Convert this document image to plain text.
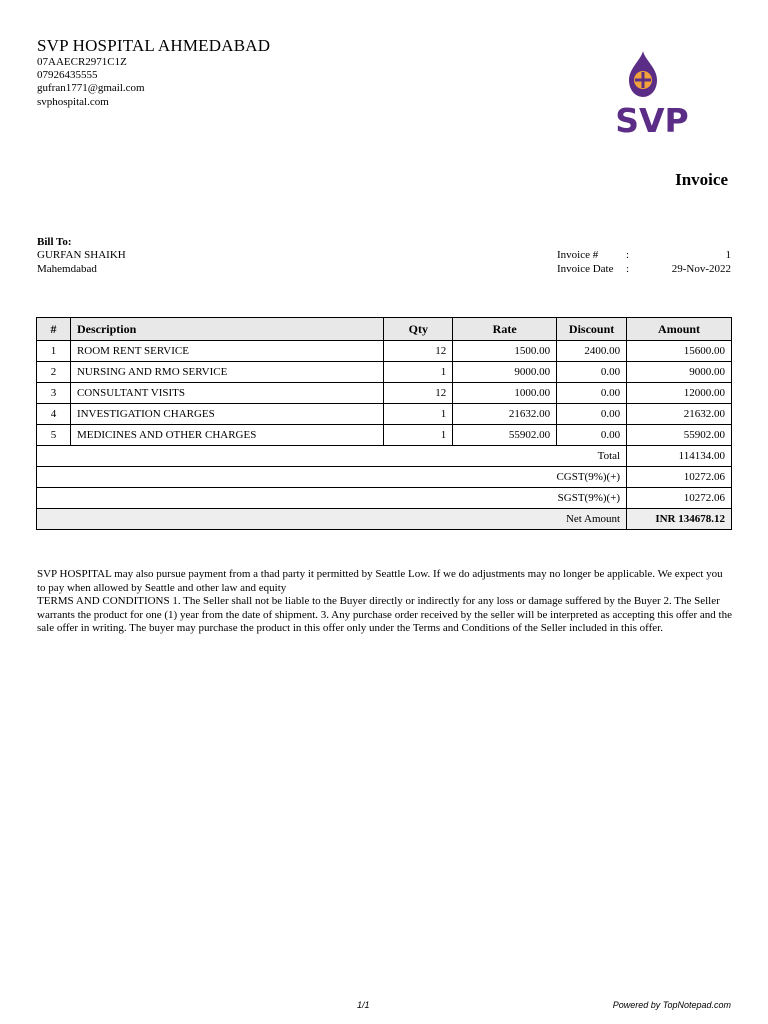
SVP HOSPITAL AHMEDABAD
07AAECR2971C1Z
07926435555
gufran1771@gmail.com
svphospital.com	SVP
Invoice
Bill To:
GURFAN SHAIKH
Mahemdabad
Invoice #	:	1
Invoice Date :	29-Nov-2022
#	Description	Qty	Rate	Discount	Amount
1	ROOM RENT SERVICE	12	1500.00	2400.00	15600.00
2	NURSING AND RMO SERVICE	1	9000.00	0.00	9000.00
3	CONSULTANT VISITS	12	1000.00	0.00	12000.00
4	INVESTIGATION CHARGES	1	21632.00	0.00	21632.00
5	MEDICINES AND OTHER CHARGES	1	55902.00	0.00	55902.00
Total					114134.00
CGST(9%)(+)					10272.06
SGST(9%)(+)					10272.06
Net Amount					INR 134678.12

SVP HOSPITAL may also pursue payment from a thad party it permitted by Seattle Low. If we do adjustments may no longer be applicable. We expect you to pay when allowed by Seattle and other law and equity

TERMS AND CONDITIONS 1. The Seller shall not be liable to the Buyer directly or indirectly for any loss or damage suffered by the Buyer 2. The Seller warrants the product for one (1) year from the date of shipment. 3. Any purchase order received by the seller will be interpreted as accepting this offer and the sale offer in writing. The buyer may purchase the product in this offer only under the Terms and Conditions of the Seller included in this offer.

1/1	Powered by TopNotepad.com
